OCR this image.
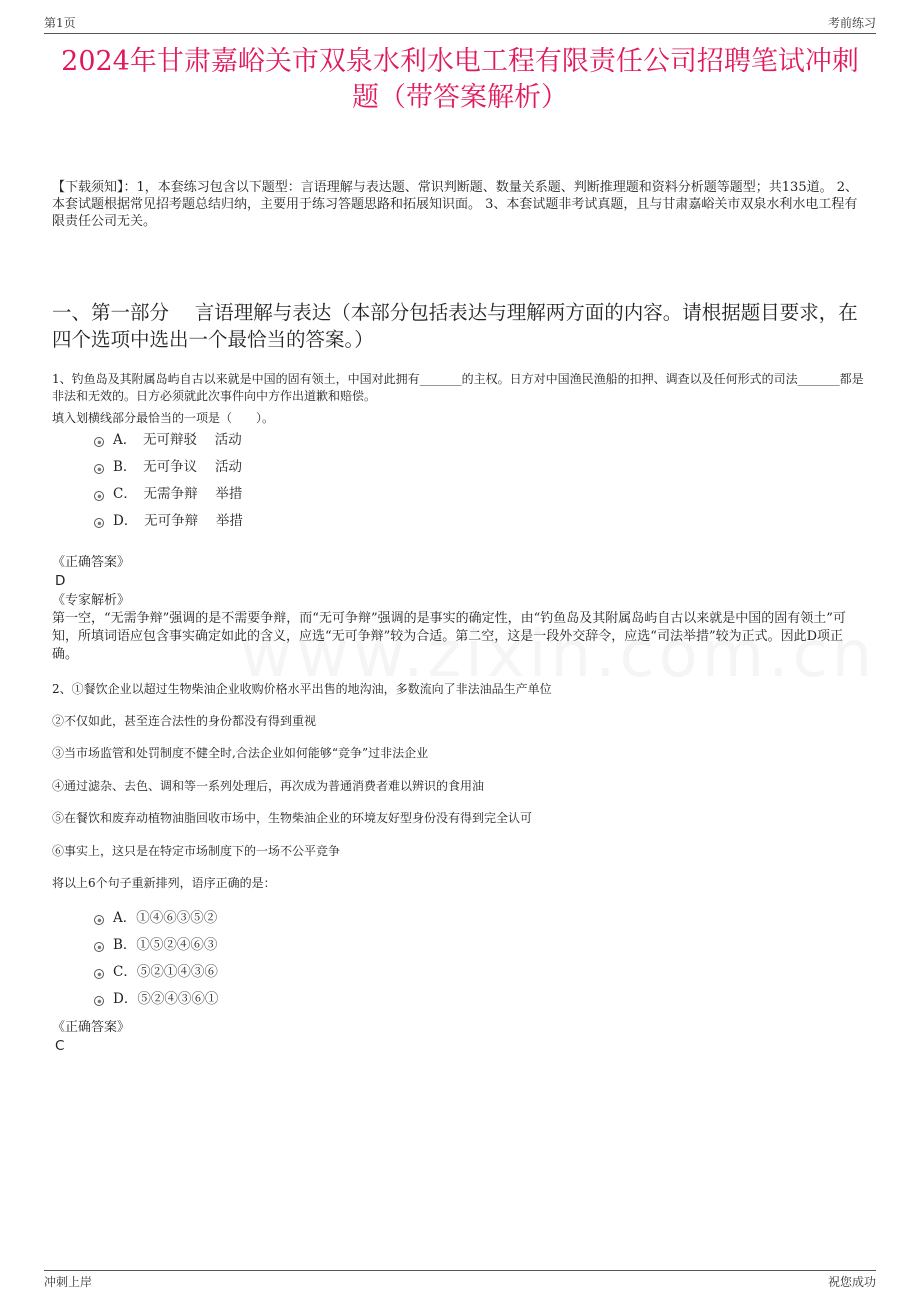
第1页	考前练习
2024年甘肃嘉峪关市双泉水利水电工程有限责任公司招聘笔试冲刺题（带答案解析）
【下载须知】：1，本套练习包含以下题型：言语理解与表达题、常识判断题、数量关系题、判断推理题和资料分析题等题型；共135道。 2、本套试题根据常见招考题总结归纳，主要用于练习答题思路和拓展知识面。 3、本套试题非考试真题，且与甘肃嘉峪关市双泉水利水电工程有限责任公司无关。
一、第一部分　 言语理解与表达（本部分包括表达与理解两方面的内容。请根据题目要求，在四个选项中选出一个最恰当的答案。）
1、钓鱼岛及其附属岛屿自古以来就是中国的固有领土，中国对此拥有_______的主权。日方对中国渔民渔船的扣押、调查以及任何形式的司法_______都是非法和无效的。日方必须就此次事件向中方作出道歉和赔偿。
填入划横线部分最恰当的一项是（　　）。
A．　无可辩驳　 活动
B．　无可争议　 活动
C．　无需争辩　 举措
D．　无可争辩　 举措
《正确答案》
D
《专家解析》
第一空，“无需争辩”强调的是不需要争辩，而“无可争辩”强调的是事实的确定性，由“钓鱼岛及其附属岛屿自古以来就是中国的固有领土”可知，所填词语应包含事实确定如此的含义，应选“无可争辩”较为合适。第二空，这是一段外交辞令，应选“司法举措”较为正式。因此D项正确。
2、①餐饮企业以超过生物柴油企业收购价格水平出售的地沟油，多数流向了非法油品生产单位
②不仅如此，甚至连合法性的身份都没有得到重视
③当市场监管和处罚制度不健全时,合法企业如何能够“竞争”过非法企业
④通过滤杂、去色、调和等一系列处理后，再次成为普通消费者难以辨识的食用油
⑤在餐饮和废弃动植物油脂回收市场中，生物柴油企业的环境友好型身份没有得到完全认可
⑥事实上，这只是在特定市场制度下的一场不公平竞争
将以上6个句子重新排列，语序正确的是：
A．①④⑥③⑤②
B．①⑤②④⑥③
C．⑤②①④③⑥
D．⑤②④③⑥①
《正确答案》
C
冲刺上岸	祝您成功
